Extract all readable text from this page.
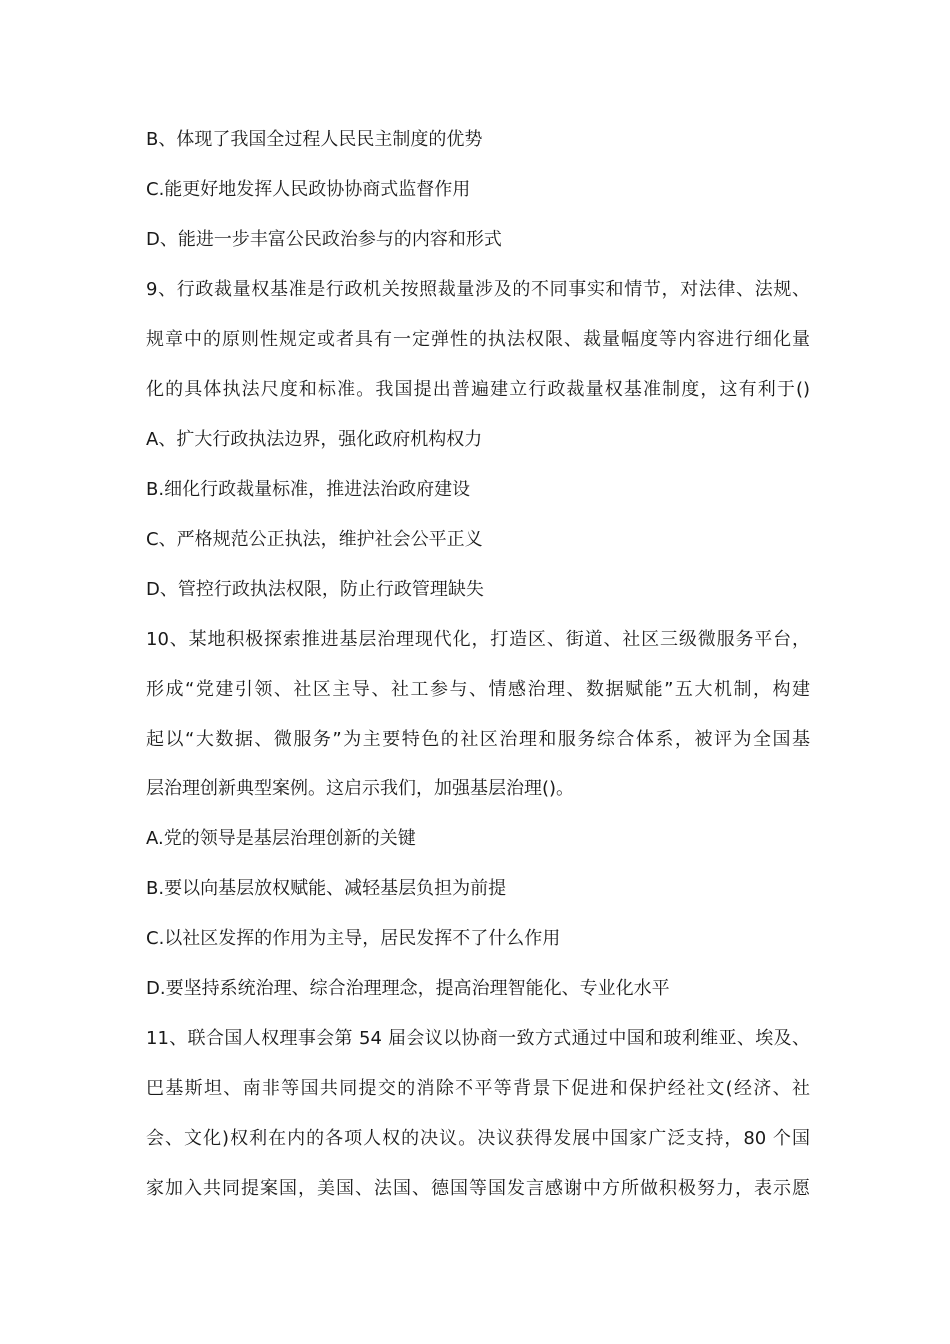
B、体现了我国全过程人民民主制度的优势
C.能更好地发挥人民政协协商式监督作用
D、能进一步丰富公民政治参与的内容和形式
9、行政裁量权基准是行政机关按照裁量涉及的不同事实和情节，对法律、法规、
规章中的原则性规定或者具有一定弹性的执法权限、裁量幅度等内容进行细化量
化的具体执法尺度和标准。我国提出普遍建立行政裁量权基准制度，这有利于()
A、扩大行政执法边界，强化政府机构权力
B.细化行政裁量标准，推进法治政府建设
C、严格规范公正执法，维护社会公平正义
D、管控行政执法权限，防止行政管理缺失
10、某地积极探索推进基层治理现代化，打造区、街道、社区三级微服务平台，
形成“党建引领、社区主导、社工参与、情感治理、数据赋能”五大机制，构建
起以“大数据、微服务”为主要特色的社区治理和服务综合体系，被评为全国基
层治理创新典型案例。这启示我们，加强基层治理()。
A.党的领导是基层治理创新的关键
B.要以向基层放权赋能、减轻基层负担为前提
C.以社区发挥的作用为主导，居民发挥不了什么作用
D.要坚持系统治理、综合治理理念，提高治理智能化、专业化水平
11、联合国人权理事会第 54 届会议以协商一致方式通过中国和玻利维亚、埃及、
巴基斯坦、南非等国共同提交的消除不平等背景下促进和保护经社文(经济、社
会、文化)权利在内的各项人权的决议。决议获得发展中国家广泛支持，80 个国
家加入共同提案国，美国、法国、德国等国发言感谢中方所做积极努力，表示愿
